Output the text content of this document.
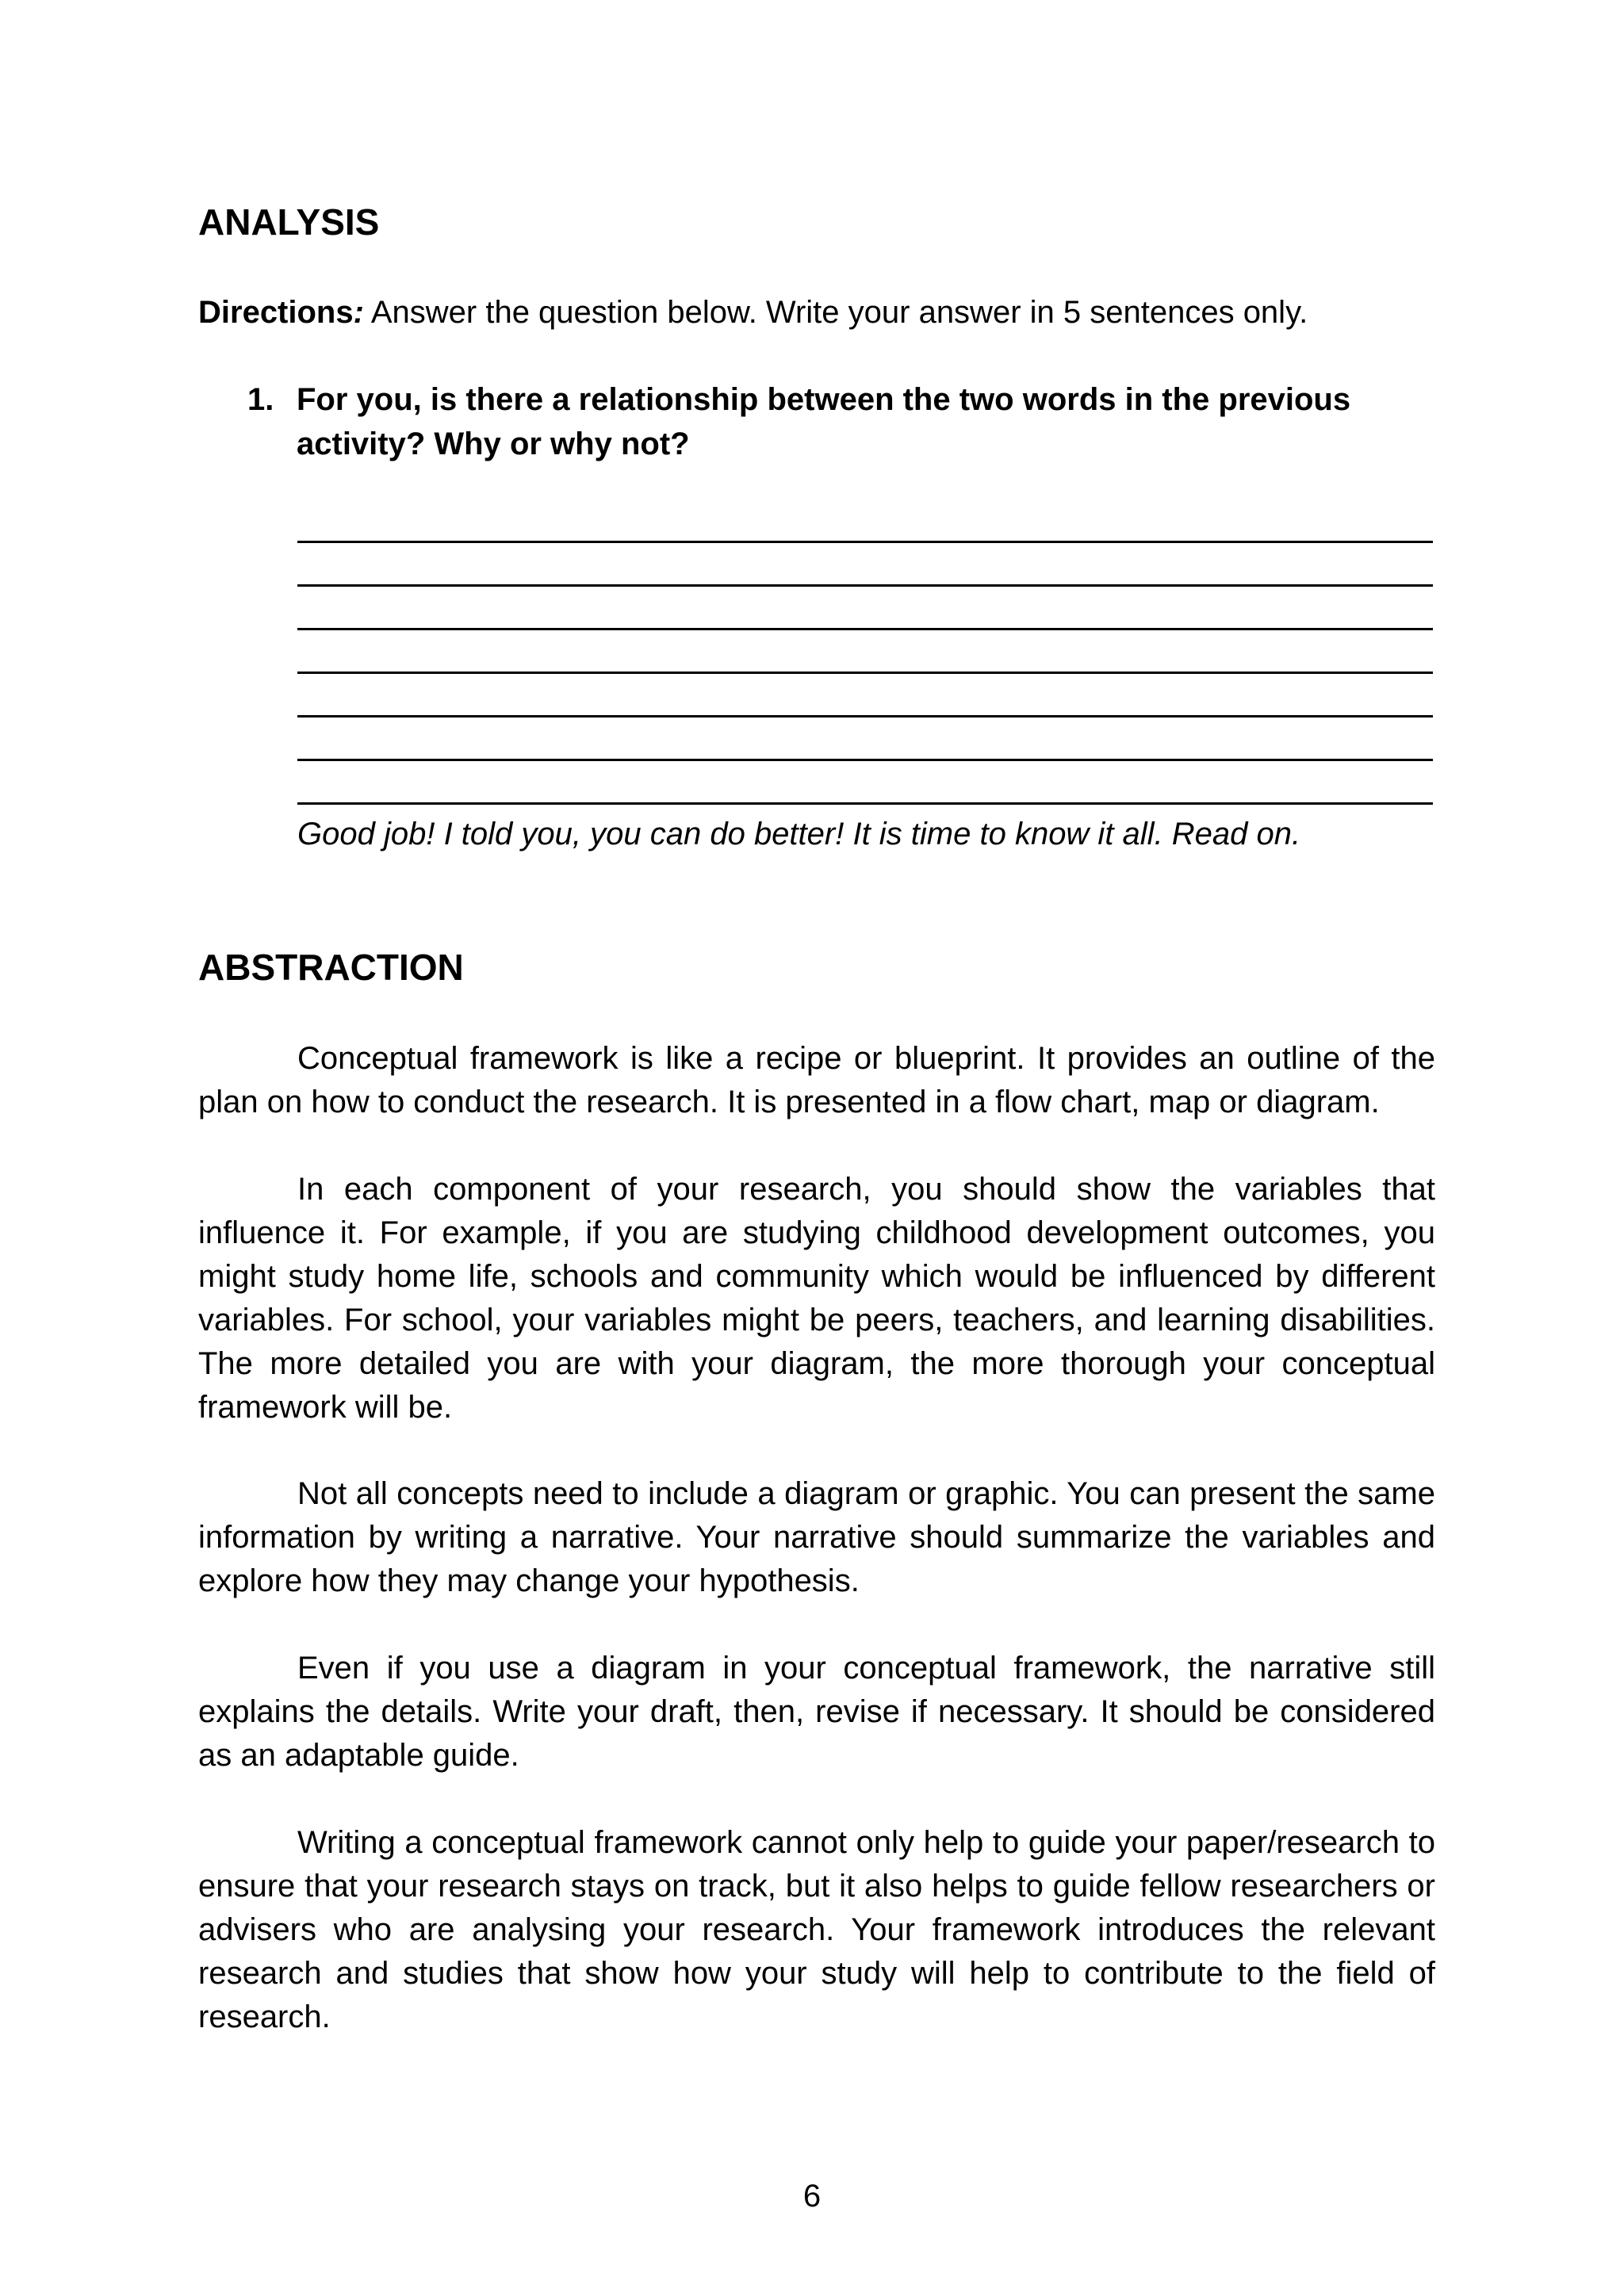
ANALYSIS

Directions: Answer the question below. Write your answer in 5 sentences only.

1. For you, is there a relationship between the two words in the previous activity? Why or why not?

Good job! I told you, you can do better! It is time to know it all. Read on.

ABSTRACTION

Conceptual framework is like a recipe or blueprint. It provides an outline of the plan on how to conduct the research. It is presented in a flow chart, map or diagram.

In each component of your research, you should show the variables that influence it. For example, if you are studying childhood development outcomes, you might study home life, schools and community which would be influenced by different variables. For school, your variables might be peers, teachers, and learning disabilities. The more detailed you are with your diagram, the more thorough your conceptual framework will be.

Not all concepts need to include a diagram or graphic. You can present the same information by writing a narrative. Your narrative should summarize the variables and explore how they may change your hypothesis.

Even if you use a diagram in your conceptual framework, the narrative still explains the details. Write your draft, then, revise if necessary. It should be considered as an adaptable guide.

Writing a conceptual framework cannot only help to guide your paper/research to ensure that your research stays on track, but it also helps to guide fellow researchers or advisers who are analysing your research. Your framework introduces the relevant research and studies that show how your study will help to contribute to the field of research.

6
